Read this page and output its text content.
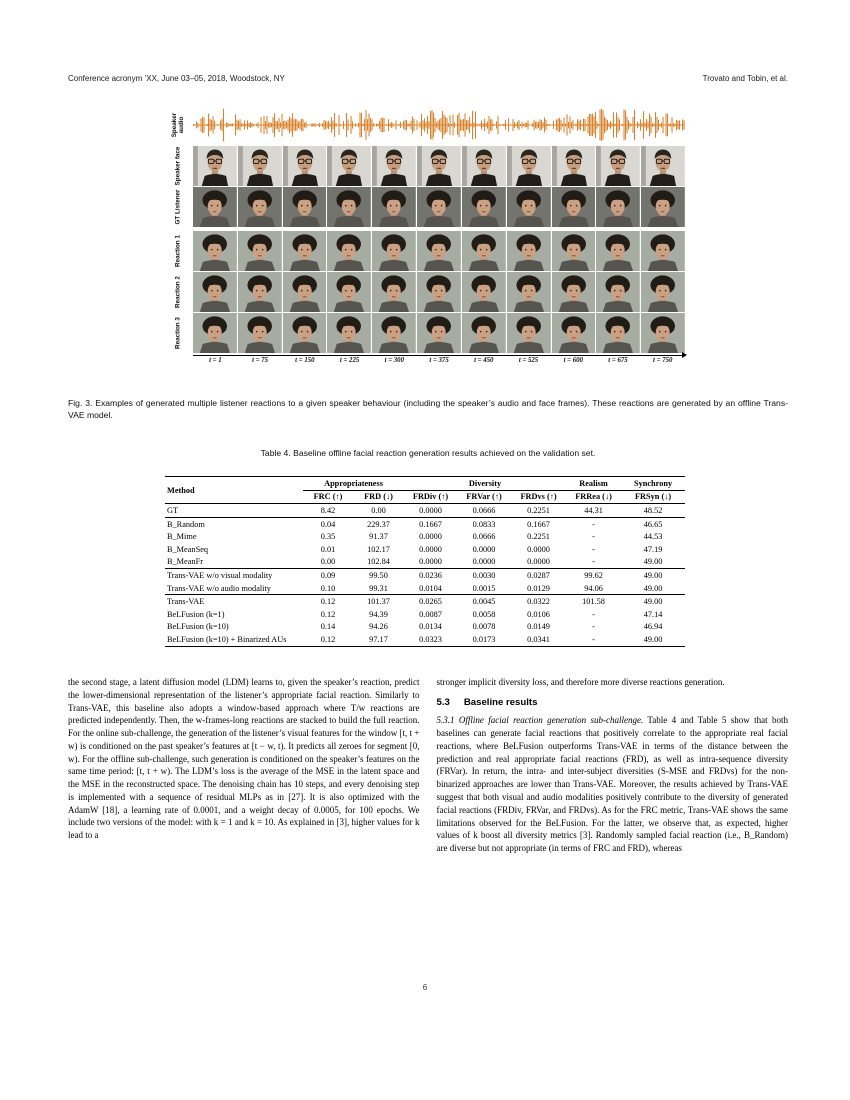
Conference acronym ’XX, June 03–05, 2018, Woodstock, NY	Trovato and Tobin, et al.
Speaker audio
Speaker face
GT Listener
Reaction 1
Reaction 2
Reaction 3
t = 1	t = 75	t = 150	t = 225	t = 300	t = 375	t = 450	t = 525	t = 600	t = 675	t = 750

Fig. 3. Examples of generated multiple listener reactions to a given speaker behaviour (including the speaker’s audio and face frames). These reactions are generated by an offline Trans-VAE model.

Table 4. Baseline offline facial reaction generation results achieved on the validation set.

Method	Appropriateness		Diversity			Realism	Synchrony
	FRC (↑)	FRD (↓)	FRDiv (↑)	FRVar (↑)	FRDvs (↑)	FRRea (↓)	FRSyn (↓)
GT	8.42	0.00	0.0000	0.0666	0.2251	44.31	48.52
B_Random	0.04	229.37	0.1667	0.0833	0.1667	-	46.65
B_Mime	0.35	91.37	0.0000	0.0666	0.2251	-	44.53
B_MeanSeq	0.01	102.17	0.0000	0.0000	0.0000	-	47.19
B_MeanFr	0.00	102.84	0.0000	0.0000	0.0000	-	49.00
Trans-VAE w/o visual modality	0.09	99.50	0.0236	0.0030	0.0287	99.62	49.00
Trans-VAE w/o audio modality	0.10	99.31	0.0104	0.0015	0.0129	94.06	49.00
Trans-VAE	0.12	101.37	0.0265	0.0045	0.0322	101.58	49.00
BeLFusion (k=1)	0.12	94.39	0.0087	0.0058	0.0106	-	47.14
BeLFusion (k=10)	0.14	94.26	0.0134	0.0078	0.0149	-	46.94
BeLFusion (k=10) + Binarized AUs	0.12	97.17	0.0323	0.0173	0.0341	-	49.00

the second stage, a latent diffusion model (LDM) learns to, given the speaker’s reaction, predict the lower-dimensional representation of the listener’s appropriate facial reaction. Similarly to Trans-VAE, this baseline also adopts a window-based approach where T/w reactions are predicted independently. Then, the w-frames-long reactions are stacked to build the full reaction. For the online sub-challenge, the generation of the listener’s visual features for the window [t, t + w) is conditioned on the past speaker’s features at [t − w, t). It predicts all zeroes for segment [0, w). For the offline sub-challenge, such generation is conditioned on the speaker’s features on the same time period: [t, t + w). The LDM’s loss is the average of the MSE in the latent space and the MSE in the reconstructed space. The denoising chain has 10 steps, and every denoising step is implemented with a sequence of residual MLPs as in [27]. It is also optimized with the AdamW [18], a learning rate of 0.0001, and a weight decay of 0.0005, for 100 epochs. We include two versions of the model: with k = 1 and k = 10. As explained in [3], higher values for k lead to a

stronger implicit diversity loss, and therefore more diverse reactions generation.

5.3 Baseline results

5.3.1 Offline facial reaction generation sub-challenge. Table 4 and Table 5 show that both baselines can generate facial reactions that positively correlate to the appropriate real facial reactions, where BeLFusion outperforms Trans-VAE in terms of the distance between the prediction and real appropriate facial reactions (FRD), as well as intra-sequence diversity (FRVar). In return, the intra- and inter-subject diversities (S-MSE and FRDvs) for the non-binarized approaches are lower than Trans-VAE. Moreover, the results achieved by Trans-VAE suggest that both visual and audio modalities positively contribute to the diversity of generated facial reactions (FRDiv, FRVar, and FRDvs). As for the FRC metric, Trans-VAE shows the same limitations observed for the BeLFusion. For the latter, we observe that, as expected, higher values of k boost all diversity metrics [3]. Randomly sampled facial reaction (i.e., B_Random) are diverse but not appropriate (in terms of FRC and FRD), whereas

6
